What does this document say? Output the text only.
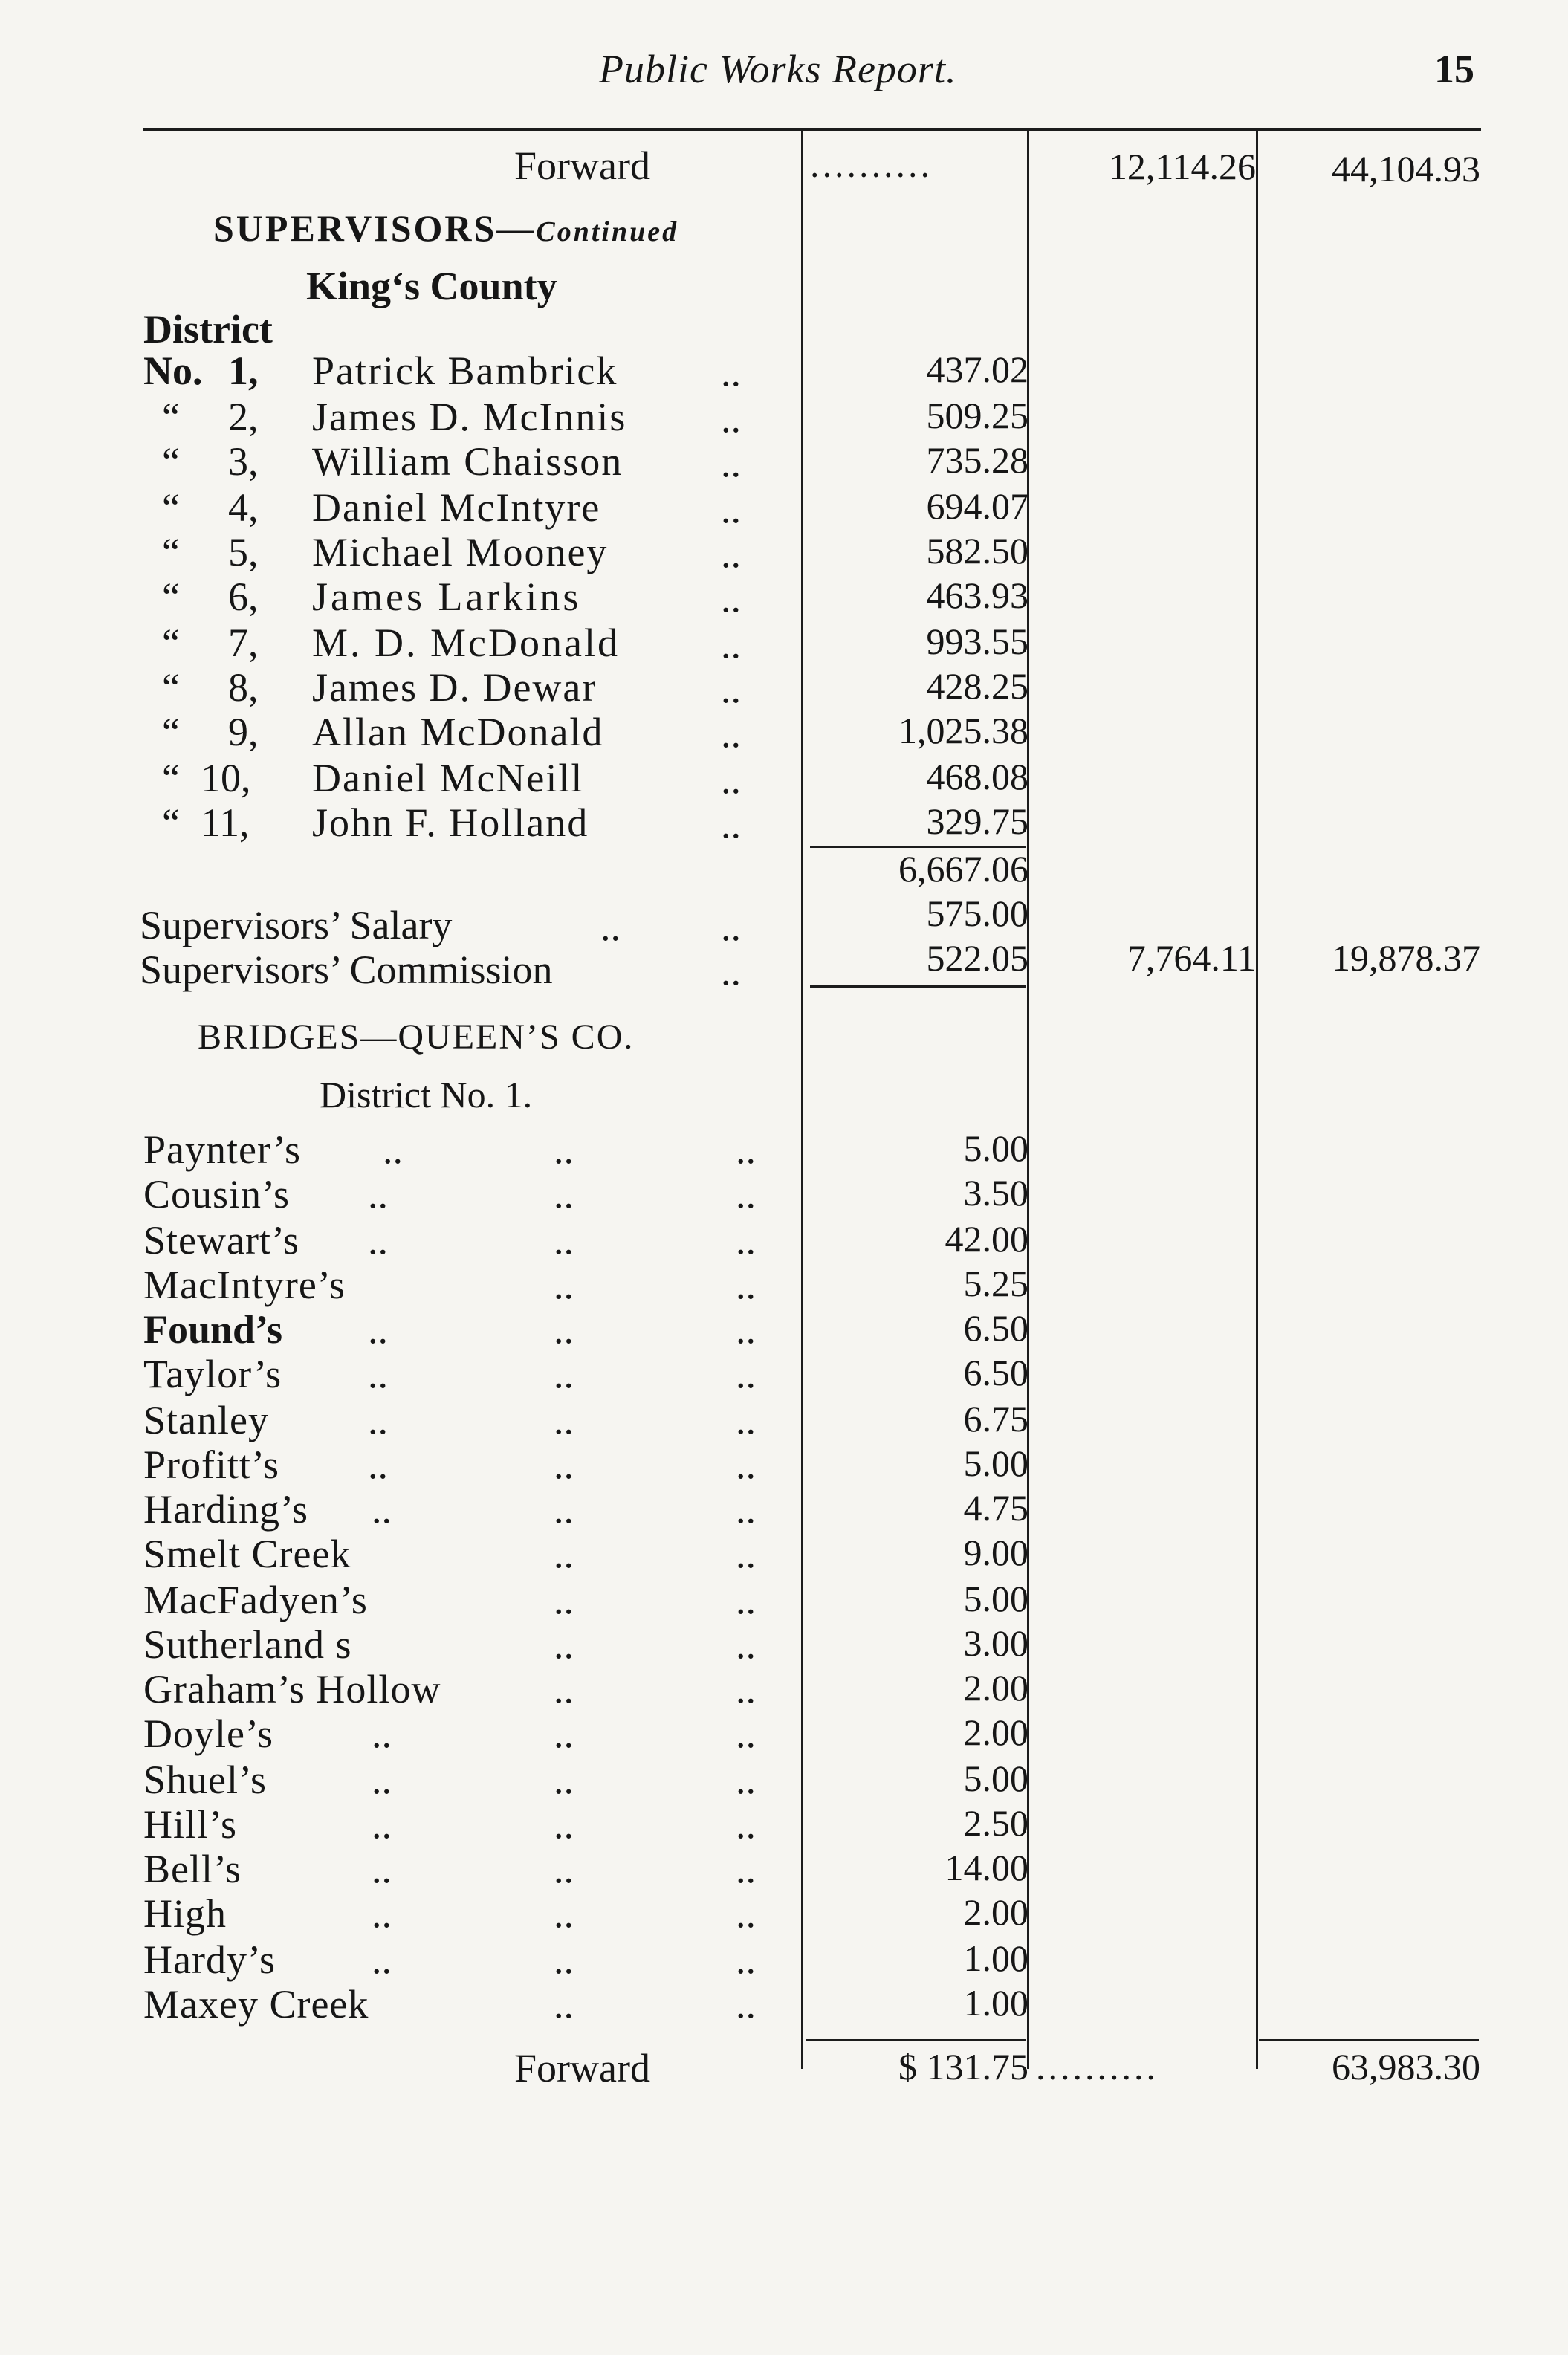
Public Works Report.	15
Forward	..........	12,114.26	44,104.93
SUPERVISORS—Continued
King‘s County
District
No. 1, Patrick Bambrick	..	437.02
“ 2, James D. McInnis ..	509.25
“ 3, William Chaisson ..	735.28
“ 4, Daniel McIntyre	..	694.07
“ 5, Michael Mooney	..	582.50
“ 6, James Larkins	..	463.93
“ 7, M. D. McDonald	..	993.55
“ 8, James D. Dewar	..	428.25
“ 9, Allan McDonald	..	1,025.38
“ 10, Daniel McNeill	..	468.08
“ 11, John F. Holland	..	329.75
6,667.06
Supervisors’ Salary	..	..	575.00
Supervisors’ Commission	..	522.05	7,764.11	19,878.37
BRIDGES—QUEEN’S CO.
District No. 1.
Paynter’s ..	..	..	5.00
Cousin’s ..	..	..	3.50
Stewart’s ..	..	..	42.00
MacIntyre’s	..	..	5.25
Found’s ..	..	..	6.50
Taylor’s ..	..	..	6.50
Stanley ..	..	..	6.75
Profitt’s ..	..	..	5.00
Harding’s ..	..	..	4.75
Smelt Creek	..	..	9.00
MacFadyen’s	..	..	5.00
Sutherland s	..	..	3.00
Graham’s Hollow	..	..	2.00
Doyle’s ..	..	..	2.00
Shuel’s	..	..	..	5.00
Hill’s	..	..	..	2.50
Bell’s	..	..	..	14.00
High	..	..	..	2.00
Hardy’s ..	..	..	1.00
Maxey Creek	..	..	1.00
Forward	$ 131.75 ..........	63,983.30
